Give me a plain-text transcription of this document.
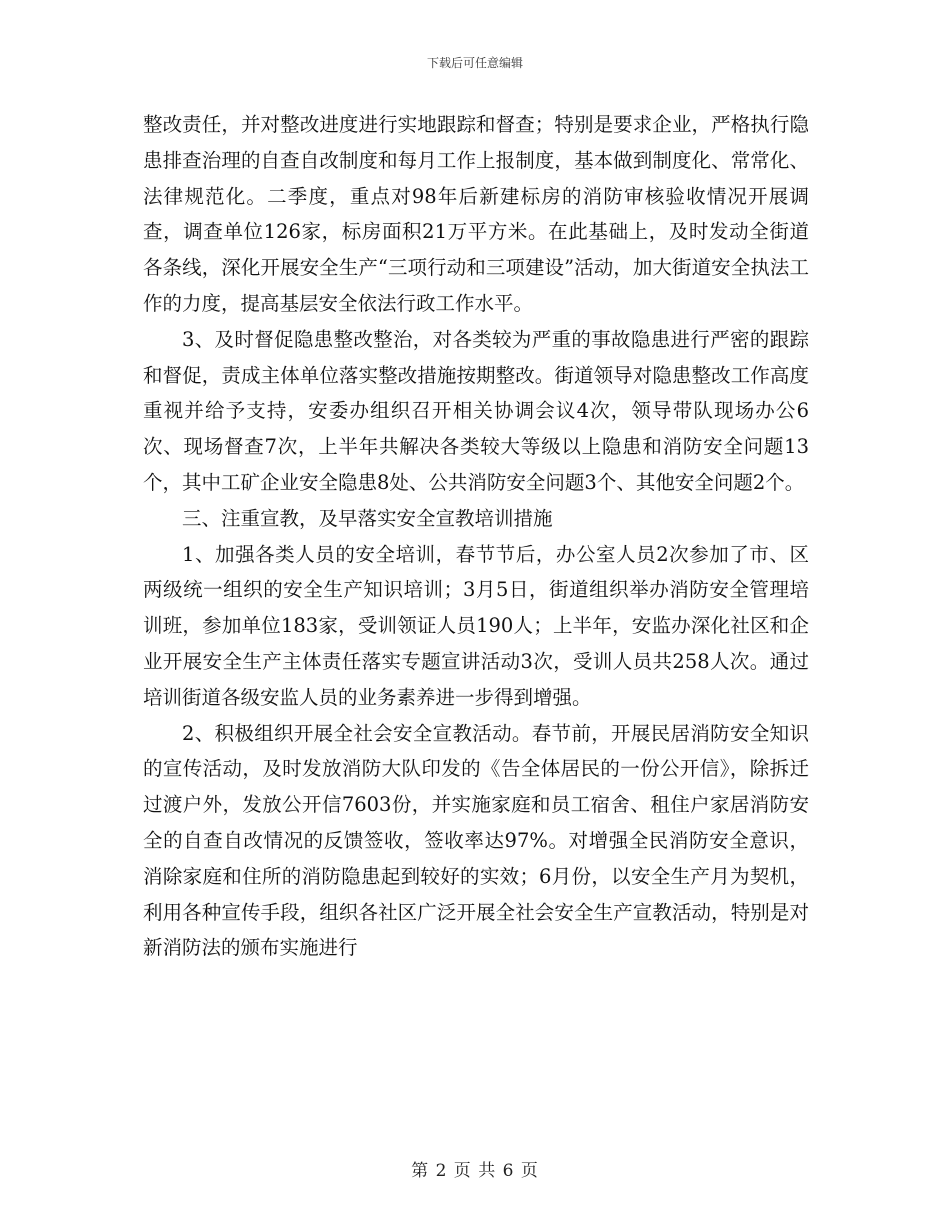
下载后可任意编辑

整改责任，并对整改进度进行实地跟踪和督查；特别是要求企业，严格执行隐患排查治理的自查自改制度和每月工作上报制度，基本做到制度化、常常化、法律规范化。二季度，重点对98年后新建标房的消防审核验收情况开展调查，调查单位126家，标房面积21万平方米。在此基础上，及时发动全街道各条线，深化开展安全生产“三项行动和三项建设”活动，加大街道安全执法工作的力度，提高基层安全依法行政工作水平。

3、及时督促隐患整改整治，对各类较为严重的事故隐患进行严密的跟踪和督促，责成主体单位落实整改措施按期整改。街道领导对隐患整改工作高度重视并给予支持，安委办组织召开相关协调会议4次，领导带队现场办公6次、现场督查7次，上半年共解决各类较大等级以上隐患和消防安全问题13个，其中工矿企业安全隐患8处、公共消防安全问题3个、其他安全问题2个。

三、注重宣教，及早落实安全宣教培训措施

1、加强各类人员的安全培训，春节节后，办公室人员2次参加了市、区两级统一组织的安全生产知识培训；3月5日，街道组织举办消防安全管理培训班，参加单位183家，受训领证人员190人；上半年，安监办深化社区和企业开展安全生产主体责任落实专题宣讲活动3次，受训人员共258人次。通过培训街道各级安监人员的业务素养进一步得到增强。

2、积极组织开展全社会安全宣教活动。春节前，开展民居消防安全知识的宣传活动，及时发放消防大队印发的《告全体居民的一份公开信》，除拆迁过渡户外，发放公开信7603份，并实施家庭和员工宿舍、租住户家居消防安全的自查自改情况的反馈签收，签收率达97%。对增强全民消防安全意识，消除家庭和住所的消防隐患起到较好的实效；6月份，以安全生产月为契机，利用各种宣传手段，组织各社区广泛开展全社会安全生产宣教活动，特别是对新消防法的颁布实施进行

第 2 页 共 6 页
